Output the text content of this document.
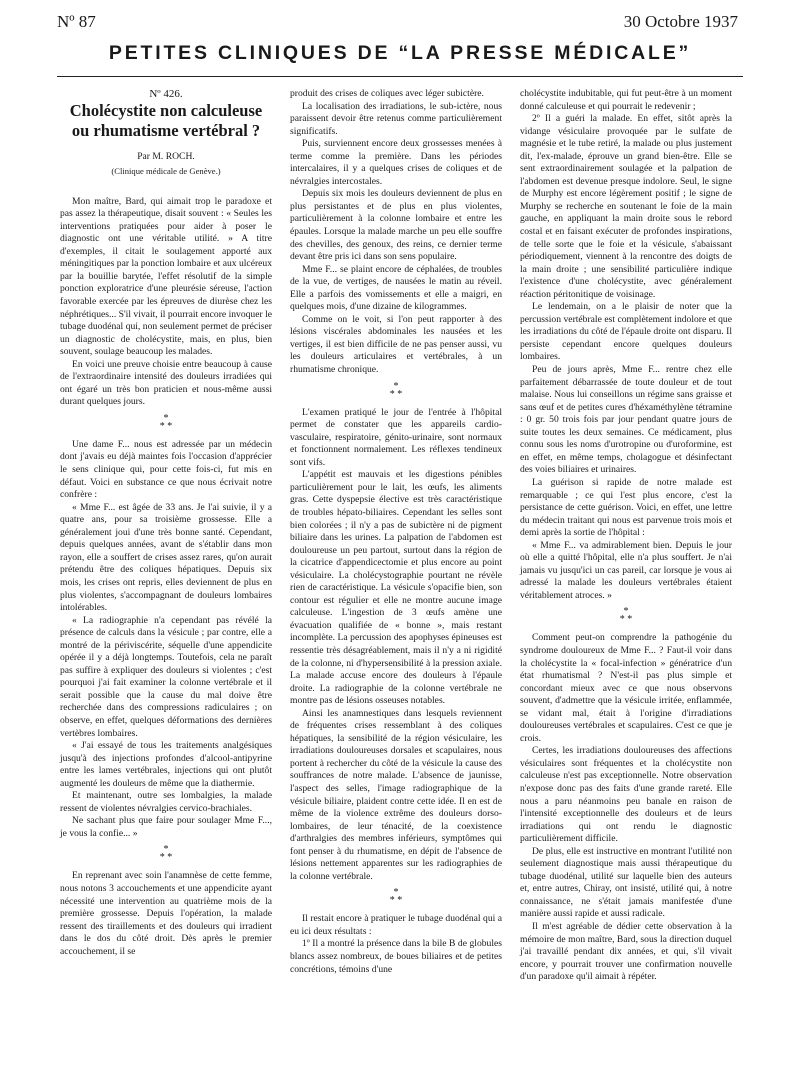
Nº 87	30 Octobre 1937
PETITES CLINIQUES DE “LA PRESSE MÉDICALE”

Nº 426.

Cholécystite non calculeuse
ou rhumatisme vertébral ?
Par M. ROCH.
(Clinique médicale de Genève.)

Mon maître, Bard, qui aimait trop le paradoxe et pas assez la thérapeutique, disait souvent : « Seules les interventions pratiquées pour aider à poser le diagnostic ont une véritable utilité. » A titre d'exemples, il citait le soulagement apporté aux méningitiques par la ponction lombaire et aux ulcéreux par la bouillie barytée, l'effet résolutif de la simple ponction exploratrice d'une pleurésie séreuse, l'action favorable exercée par les épreuves de diurèse chez les néphrétiques... S'il vivait, il pourrait encore invoquer le tubage duodénal qui, non seulement permet de préciser un diagnostic de cholécystite, mais, en plus, bien souvent, soulage beaucoup les malades.

En voici une preuve choisie entre beaucoup à cause de l'extraordinaire intensité des douleurs irradiées qui ont égaré un très bon praticien et nous-même aussi durant quelques jours.

*
* *

Une dame F... nous est adressée par un médecin dont j'avais eu déjà maintes fois l'occasion d'apprécier le sens clinique qui, pour cette fois-ci, fut mis en défaut. Voici en substance ce que nous écrivait notre confrère :

« Mme F... est âgée de 33 ans. Je l'ai suivie, il y a quatre ans, pour sa troisième grossesse. Elle a généralement joui d'une très bonne santé. Cependant, depuis quelques années, avant de s'établir dans mon rayon, elle a souffert de crises assez rares, qu'on aurait prétendu être des coliques hépatiques. Depuis six mois, les crises ont repris, elles deviennent de plus en plus violentes, s'accompagnant de douleurs lombaires intolérables.

« La radiographie n'a cependant pas révélé la présence de calculs dans la vésicule ; par contre, elle a montré de la périviscérite, séquelle d'une appendicite opérée il y a déjà longtemps. Toutefois, cela ne paraît pas suffire à expliquer des douleurs si violentes ; c'est pourquoi j'ai fait examiner la colonne vertébrale et il serait possible que la cause du mal doive être recherchée dans des compressions radiculaires ; on observe, en effet, quelques déformations des dernières vertèbres lombaires.

« J'ai essayé de tous les traitements analgésiques jusqu'à des injections profondes d'alcool-antipyrine entre les lames vertébrales, injections qui ont plutôt augmenté les douleurs de même que la diathermie.

Et maintenant, outre ses lombalgies, la malade ressent de violentes névralgies cervico-brachiales.

Ne sachant plus que faire pour soulager Mme F..., je vous la confie... »

*
* *

En reprenant avec soin l'anamnèse de cette femme, nous notons 3 accouchements et une appendicite ayant nécessité une intervention au quatrième mois de la première grossesse. Depuis l'opération, la malade ressent des tiraillements et des douleurs qui irradient dans le dos du côté droit. Dès après le premier accouchement, il se

produit des crises de coliques avec léger subictère.

La localisation des irradiations, le sub-ictère, nous paraissent devoir être retenus comme particulièrement significatifs.

Puis, surviennent encore deux grossesses menées à terme comme la première. Dans les périodes intercalaires, il y a quelques crises de coliques et de névralgies intercostales.

Depuis six mois les douleurs deviennent de plus en plus persistantes et de plus en plus violentes, particulièrement à la colonne lombaire et entre les épaules. Lorsque la malade marche un peu elle souffre des chevilles, des genoux, des reins, ce dernier terme devant être pris ici dans son sens populaire.

Mme F... se plaint encore de céphalées, de troubles de la vue, de vertiges, de nausées le matin au réveil. Elle a parfois des vomissements et elle a maigri, en quelques mois, d'une dizaine de kilogrammes.

Comme on le voit, si l'on peut rapporter à des lésions viscérales abdominales les nausées et les vertiges, il est bien difficile de ne pas penser aussi, vu les douleurs articulaires et vertébrales, à un rhumatisme chronique.

*
* *

L'examen pratiqué le jour de l'entrée à l'hôpital permet de constater que les appareils cardio-vasculaire, respiratoire, génito-urinaire, sont normaux et fonctionnent normalement. Les réflexes tendineux sont vifs.

L'appétit est mauvais et les digestions pénibles particulièrement pour le lait, les œufs, les aliments gras. Cette dyspepsie élective est très caractéristique de troubles hépato-biliaires. Cependant les selles sont bien colorées ; il n'y a pas de subictère ni de pigment biliaire dans les urines. La palpation de l'abdomen est douloureuse un peu partout, surtout dans la région de la cicatrice d'appendicectomie et plus encore au point vésiculaire. La cholécystographie pourtant ne révèle rien de caractéristique. La vésicule s'opacifie bien, son contour est régulier et elle ne montre aucune image calculeuse. L'ingestion de 3 œufs amène une évacuation qualifiée de « bonne », mais restant incomplète. La percussion des apophyses épineuses est ressentie très désagréablement, mais il n'y a ni rigidité de la colonne, ni d'hypersensibilité à la pression axiale. La malade accuse encore des douleurs à l'épaule droite. La radiographie de la colonne vertébrale ne montre pas de lésions osseuses notables.

Ainsi les anamnestiques dans lesquels reviennent de fréquentes crises ressemblant à des coliques hépatiques, la sensibilité de la région vésiculaire, les irradiations douloureuses dorsales et scapulaires, nous portent à rechercher du côté de la vésicule la cause des souffrances de notre malade. L'absence de jaunisse, l'aspect des selles, l'image radiographique de la vésicule biliaire, plaident contre cette idée. Il en est de même de la violence extrême des douleurs dorso-lombaires, de leur ténacité, de la coexistence d'arthralgies des membres inférieurs, symptômes qui font penser à du rhumatisme, en dépit de l'absence de lésions nettement apparentes sur les radiographies de la colonne vertébrale.

*
* *

Il restait encore à pratiquer le tubage duodénal qui a eu ici deux résultats :

1º Il a montré la présence dans la bile B de globules blancs assez nombreux, de boues biliaires et de petites concrétions, témoins d'une

cholécystite indubitable, qui fut peut-être à un moment donné calculeuse et qui pourrait le redevenir ;

2º Il a guéri la malade. En effet, sitôt après la vidange vésiculaire provoquée par le sulfate de magnésie et le tube retiré, la malade ou plus justement dit, l'ex-malade, éprouve un grand bien-être. Elle se sent extraordinairement soulagée et la palpation de l'abdomen est devenue presque indolore. Seul, le signe de Murphy est encore légèrement positif ; le signe de Murphy se recherche en soutenant le foie de la main gauche, en appliquant la main droite sous le rebord costal et en faisant exécuter de profondes inspirations, de telle sorte que le foie et la vésicule, s'abaissant périodiquement, viennent à la rencontre des doigts de la main droite ; une sensibilité particulière indique l'existence d'une cholécystite, avec généralement réaction péritonitique de voisinage.

Le lendemain, on a le plaisir de noter que la percussion vertébrale est complètement indolore et que les irradiations du côté de l'épaule droite ont disparu. Il persiste cependant encore quelques douleurs lombaires.

Peu de jours après, Mme F... rentre chez elle parfaitement débarrassée de toute douleur et de tout malaise. Nous lui conseillons un régime sans graisse et sans œuf et de petites cures d'héxaméthylène tétramine : 0 gr. 50 trois fois par jour pendant quatre jours de suite toutes les deux semaines. Ce médicament, plus connu sous les noms d'urotropine ou d'uroformine, est en effet, en même temps, cholagogue et désinfectant des voies biliaires et urinaires.

La guérison si rapide de notre malade est remarquable ; ce qui l'est plus encore, c'est la persistance de cette guérison. Voici, en effet, une lettre du médecin traitant qui nous est parvenue trois mois et demi après la sortie de l'hôpital :

« Mme F... va admirablement bien. Depuis le jour où elle a quitté l'hôpital, elle n'a plus souffert. Je n'ai jamais vu jusqu'ici un cas pareil, car lorsque je vous ai adressé la malade les douleurs vertébrales étaient véritablement atroces. »

*
* *

Comment peut-on comprendre la pathogénie du syndrome douloureux de Mme F... ? Faut-il voir dans la cholécystite la « focal-infection » génératrice d'un état rhumatismal ? N'est-il pas plus simple et concordant mieux avec ce que nous observons souvent, d'admettre que la vésicule irritée, enflammée, se vidant mal, était à l'origine d'irradiations douloureuses vertébrales et scapulaires. C'est ce que je crois.

Certes, les irradiations douloureuses des affections vésiculaires sont fréquentes et la cholécystite non calculeuse n'est pas exceptionnelle. Notre observation n'expose donc pas des faits d'une grande rareté. Elle nous a paru néanmoins peu banale en raison de l'intensité exceptionnelle des douleurs et de leurs irradiations qui ont rendu le diagnostic particulièrement difficile.

De plus, elle est instructive en montrant l'utilité non seulement diagnostique mais aussi thérapeutique du tubage duodénal, utilité sur laquelle bien des auteurs et, entre autres, Chiray, ont insisté, utilité qui, à notre connaissance, ne s'était jamais manifestée d'une manière aussi rapide et aussi radicale.

Il m'est agréable de dédier cette observation à la mémoire de mon maître, Bard, sous la direction duquel j'ai travaillé pendant dix années, et qui, s'il vivait encore, y pourrait trouver une confirmation nouvelle d'un paradoxe qu'il aimait à répéter.
